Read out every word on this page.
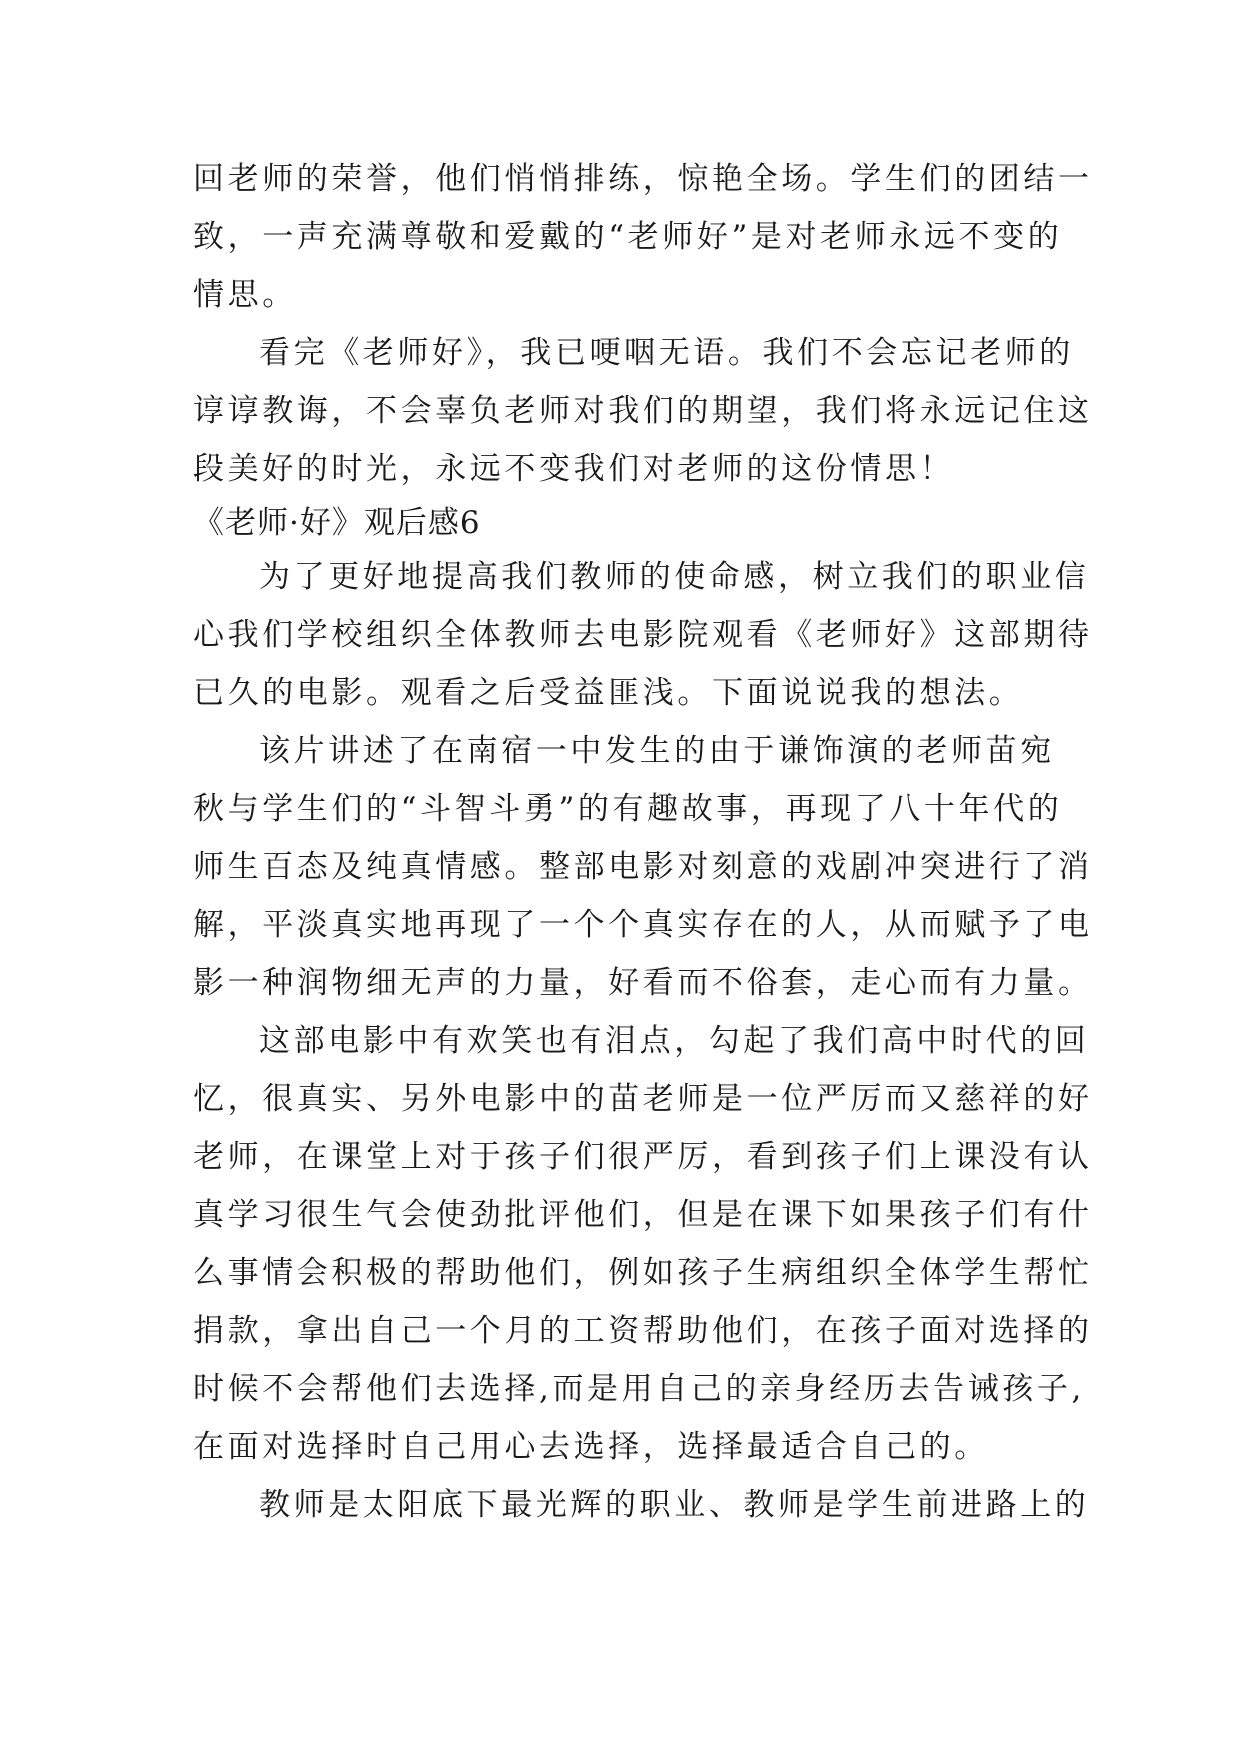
回老师的荣誉，他们悄悄排练，惊艳全场。学生们的团结一
致，一声充满尊敬和爱戴的“老师好”是对老师永远不变的
情思。
看完《老师好》，我已哽咽无语。我们不会忘记老师的
谆谆教诲，不会辜负老师对我们的期望，我们将永远记住这
段美好的时光，永远不变我们对老师的这份情思！
《老师·好》观后感6
为了更好地提高我们教师的使命感，树立我们的职业信
心我们学校组织全体教师去电影院观看《老师好》这部期待
已久的电影。观看之后受益匪浅。下面说说我的想法。
该片讲述了在南宿一中发生的由于谦饰演的老师苗宛
秋与学生们的“斗智斗勇”的有趣故事，再现了八十年代的
师生百态及纯真情感。整部电影对刻意的戏剧冲突进行了消
解，平淡真实地再现了一个个真实存在的人，从而赋予了电
影一种润物细无声的力量，好看而不俗套，走心而有力量。
这部电影中有欢笑也有泪点，勾起了我们高中时代的回
忆，很真实、另外电影中的苗老师是一位严厉而又慈祥的好
老师，在课堂上对于孩子们很严厉，看到孩子们上课没有认
真学习很生气会使劲批评他们，但是在课下如果孩子们有什
么事情会积极的帮助他们，例如孩子生病组织全体学生帮忙
捐款，拿出自己一个月的工资帮助他们，在孩子面对选择的
时候不会帮他们去选择,而是用自己的亲身经历去告诫孩子,
在面对选择时自己用心去选择，选择最适合自己的。
教师是太阳底下最光辉的职业、教师是学生前进路上的
